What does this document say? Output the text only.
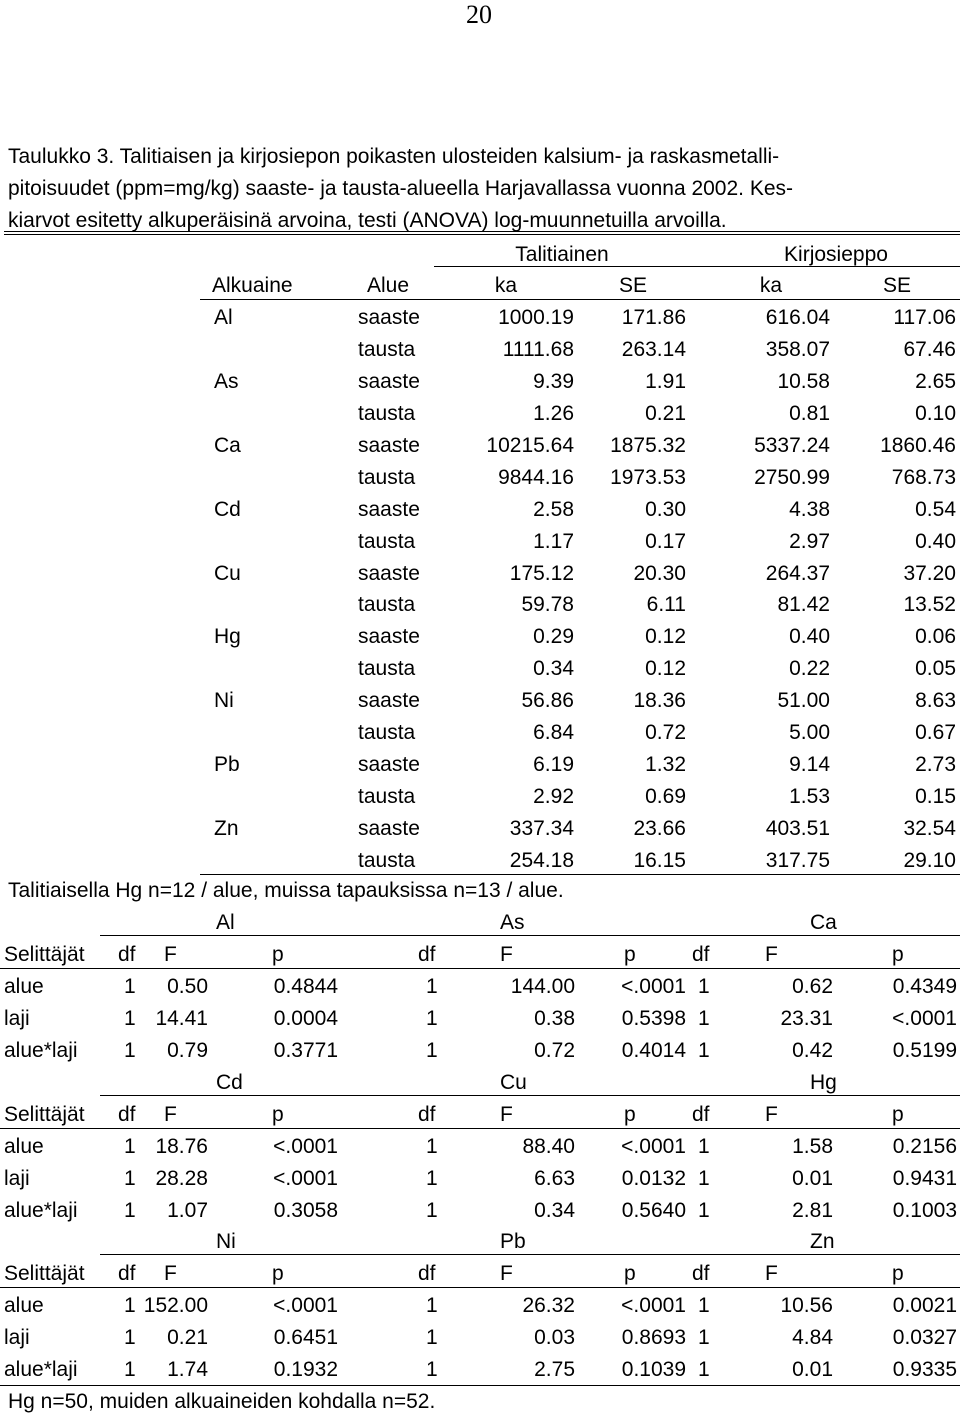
20
Taulukko 3. Talitiaisen ja kirjosiepon poikasten ulosteiden kalsium- ja raskasmetalli-
pitoisuudet (ppm=mg/kg) saaste- ja tausta-alueella Harjavallassa vuonna 2002. Kes-
kiarvot esitetty alkuperäisinä arvoina, testi (ANOVA) log-muunnetuilla arvoilla.
Talitiainen	Kirjosieppo
Alkuaine	Alue	ka	SE	ka	SE
Al	saaste	1000.19	171.86	616.04	117.06
tausta	1111.68	263.14	358.07	67.46
As	saaste	9.39	1.91	10.58	2.65
tausta	1.26	0.21	0.81	0.10
Ca	saaste	10215.64	1875.32	5337.24	1860.46
tausta	9844.16	1973.53	2750.99	768.73
Cd	saaste	2.58	0.30	4.38	0.54
tausta	1.17	0.17	2.97	0.40
Cu	saaste	175.12	20.30	264.37	37.20
tausta	59.78	6.11	81.42	13.52
Hg	saaste	0.29	0.12	0.40	0.06
tausta	0.34	0.12	0.22	0.05
Ni	saaste	56.86	18.36	51.00	8.63
tausta	6.84	0.72	5.00	0.67
Pb	saaste	6.19	1.32	9.14	2.73
tausta	2.92	0.69	1.53	0.15
Zn	saaste	337.34	23.66	403.51	32.54
tausta	254.18	16.15	317.75	29.10
Talitiaisella Hg n=12 / alue, muissa tapauksissa n=13 / alue.
Al	As	Ca
Selittäjät df F	p	df	F	p	df	F	p
alue	1	0.50	0.4844	1	144.00	<.0001 1	0.62	0.4349
laji	1 14.41	0.0004	1	0.38	0.5398 1	23.31	<.0001
alue*laji 1	0.79	0.3771	1	0.72	0.4014 1	0.42	0.5199
Cd	Cu	Hg
Selittäjät df F	p	df	F	p	df	F	p
alue	1 18.76	<.0001	1	88.40	<.0001 1	1.58	0.2156
laji	1 28.28	<.0001	1	6.63	0.0132 1	0.01	0.9431
alue*laji 1	1.07	0.3058	1	0.34	0.5640 1	2.81	0.1003
Ni	Pb	Zn
Selittäjät df F	p	df	F	p	df	F	p
alue	1 152.00	<.0001	1	26.32	<.0001 1	10.56	0.0021
laji	1	0.21	0.6451	1	0.03	0.8693 1	4.84	0.0327
alue*laji 1	1.74	0.1932	1	2.75	0.1039 1	0.01	0.9335
Hg n=50, muiden alkuaineiden kohdalla n=52.
